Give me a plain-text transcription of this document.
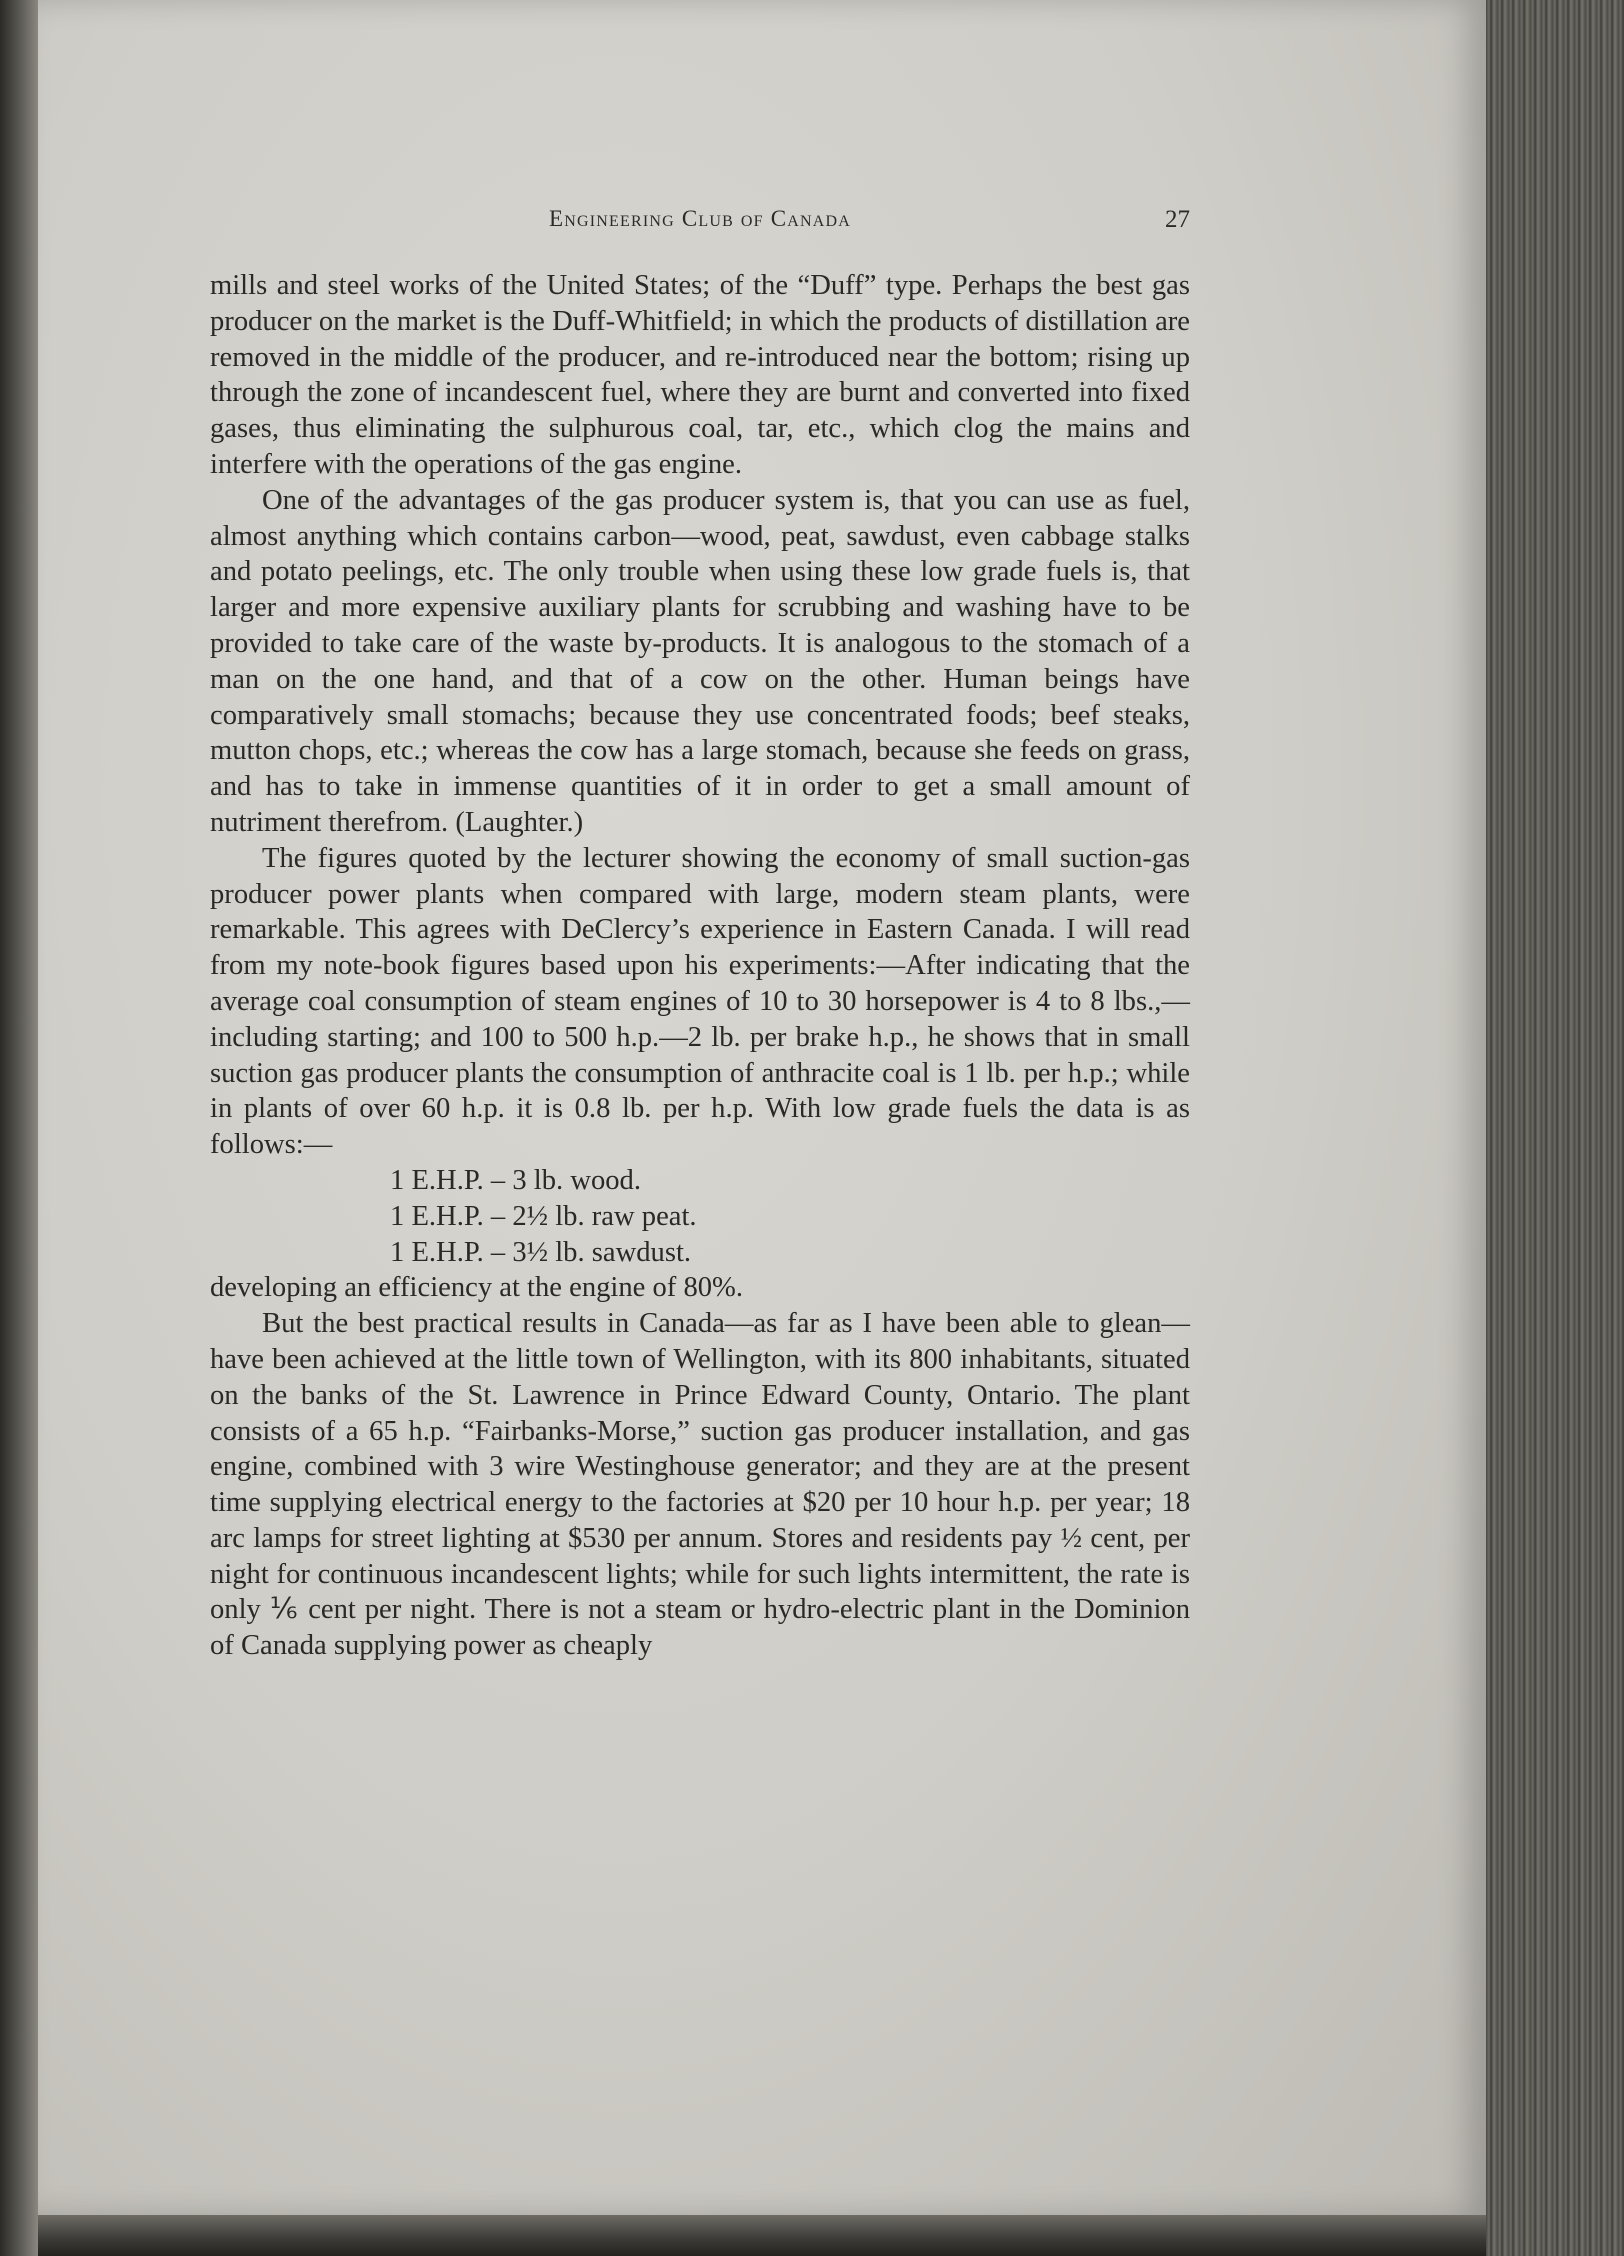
Engineering Club of Canada	27

mills and steel works of the United States; of the “Duff” type. Perhaps the best gas producer on the market is the Duff-Whitfield; in which the products of distillation are removed in the middle of the producer, and re-introduced near the bottom; rising up through the zone of incandescent fuel, where they are burnt and converted into fixed gases, thus eliminating the sulphurous coal, tar, etc., which clog the mains and interfere with the operations of the gas engine.

One of the advantages of the gas producer system is, that you can use as fuel, almost anything which contains carbon—wood, peat, sawdust, even cabbage stalks and potato peelings, etc. The only trouble when using these low grade fuels is, that larger and more expensive auxiliary plants for scrubbing and washing have to be provided to take care of the waste by-products. It is analogous to the stomach of a man on the one hand, and that of a cow on the other. Human beings have comparatively small stomachs; because they use concentrated foods; beef steaks, mutton chops, etc.; whereas the cow has a large stomach, because she feeds on grass, and has to take in immense quantities of it in order to get a small amount of nutriment therefrom. (Laughter.)

The figures quoted by the lecturer showing the economy of small suction-gas producer power plants when compared with large, modern steam plants, were remarkable. This agrees with DeClercy’s experience in Eastern Canada. I will read from my note-book figures based upon his experiments:—After indicating that the average coal consumption of steam engines of 10 to 30 horsepower is 4 to 8 lbs.,—including starting; and 100 to 500 h.p.—2 lb. per brake h.p., he shows that in small suction gas producer plants the consumption of anthracite coal is 1 lb. per h.p.; while in plants of over 60 h.p. it is 0.8 lb. per h.p. With low grade fuels the data is as follows:—

1 E.H.P. – 3 lb. wood.
1 E.H.P. – 2½ lb. raw peat.
1 E.H.P. – 3½ lb. sawdust.

developing an efficiency at the engine of 80%.

But the best practical results in Canada—as far as I have been able to glean—have been achieved at the little town of Wellington, with its 800 inhabitants, situated on the banks of the St. Lawrence in Prince Edward County, Ontario. The plant consists of a 65 h.p. “Fairbanks-Morse,” suction gas producer installation, and gas engine, combined with 3 wire Westinghouse generator; and they are at the present time supplying electrical energy to the factories at $20 per 10 hour h.p. per year; 18 arc lamps for street lighting at $530 per annum. Stores and residents pay ½ cent, per night for continuous incandescent lights; while for such lights intermittent, the rate is only ⅙ cent per night. There is not a steam or hydro-electric plant in the Dominion of Canada supplying power as cheaply
